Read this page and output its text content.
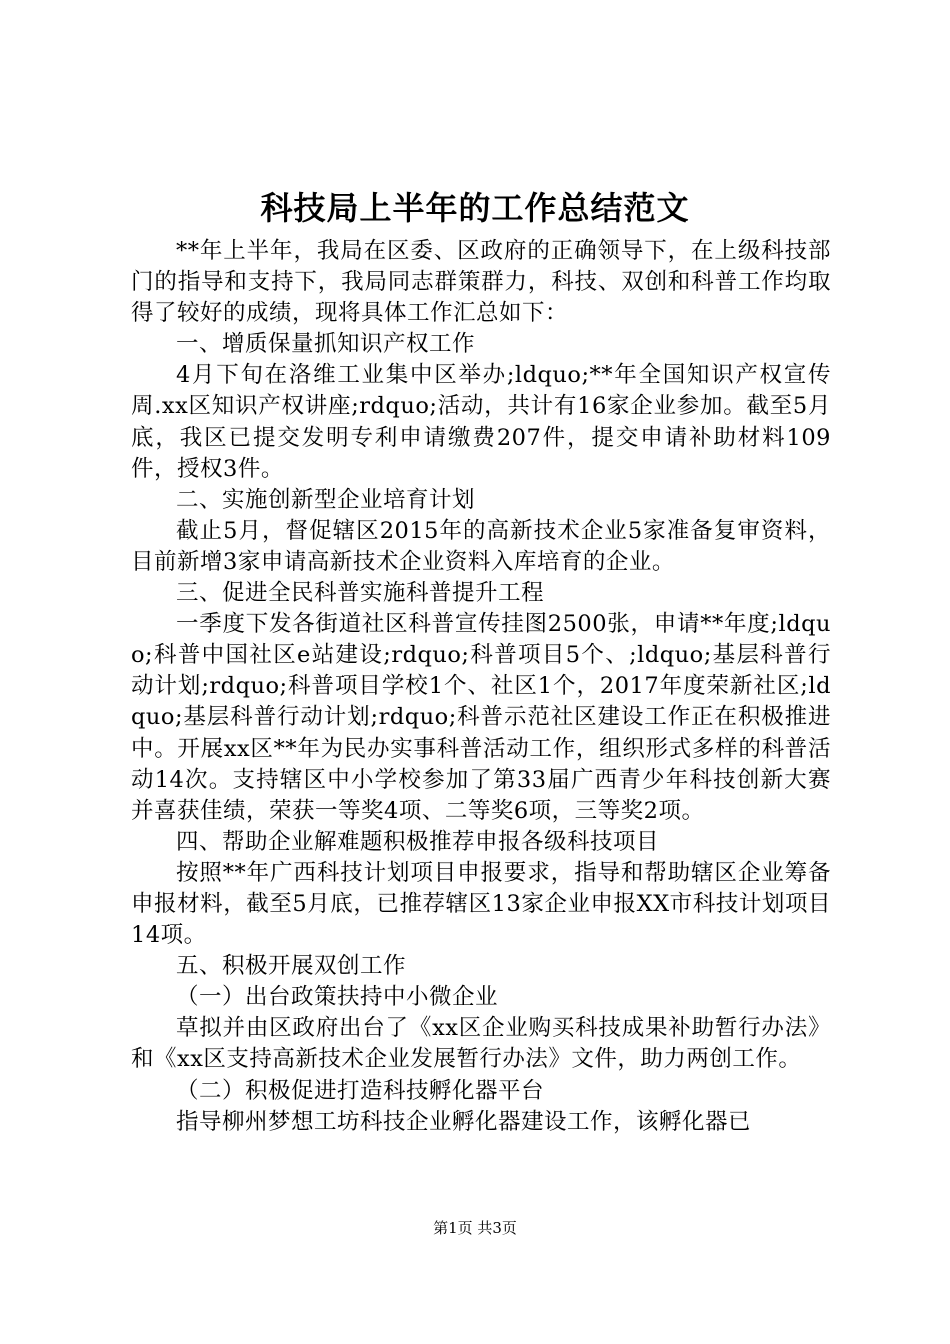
科技局上半年的工作总结范文

**年上半年，我局在区委、区政府的正确领导下，在上级科技部门的指导和支持下，我局同志群策群力，科技、双创和科普工作均取得了较好的成绩，现将具体工作汇总如下：

一、增质保量抓知识产权工作

4月下旬在洛维工业集中区举办;ldquo;**年全国知识产权宣传周.xx区知识产权讲座;rdquo;活动，共计有16家企业参加。截至5月底，我区已提交发明专利申请缴费207件，提交申请补助材料109件，授权3件。

二、实施创新型企业培育计划

截止5月，督促辖区2015年的高新技术企业5家准备复审资料，目前新增3家申请高新技术企业资料入库培育的企业。

三、促进全民科普实施科普提升工程

一季度下发各街道社区科普宣传挂图2500张，申请**年度;ldquo;科普中国社区e站建设;rdquo;科普项目5个、;ldquo;基层科普行动计划;rdquo;科普项目学校1个、社区1个，2017年度荣新社区;ldquo;基层科普行动计划;rdquo;科普示范社区建设工作正在积极推进中。开展xx区**年为民办实事科普活动工作，组织形式多样的科普活动14次。支持辖区中小学校参加了第33届广西青少年科技创新大赛并喜获佳绩，荣获一等奖4项、二等奖6项，三等奖2项。

四、帮助企业解难题积极推荐申报各级科技项目

按照**年广西科技计划项目申报要求，指导和帮助辖区企业筹备申报材料，截至5月底，已推荐辖区13家企业申报XX市科技计划项目14项。

五、积极开展双创工作

（一）出台政策扶持中小微企业

草拟并由区政府出台了《xx区企业购买科技成果补助暂行办法》和《xx区支持高新技术企业发展暂行办法》文件，助力两创工作。

（二）积极促进打造科技孵化器平台

指导柳州梦想工坊科技企业孵化器建设工作，该孵化器已

第1页 共3页
